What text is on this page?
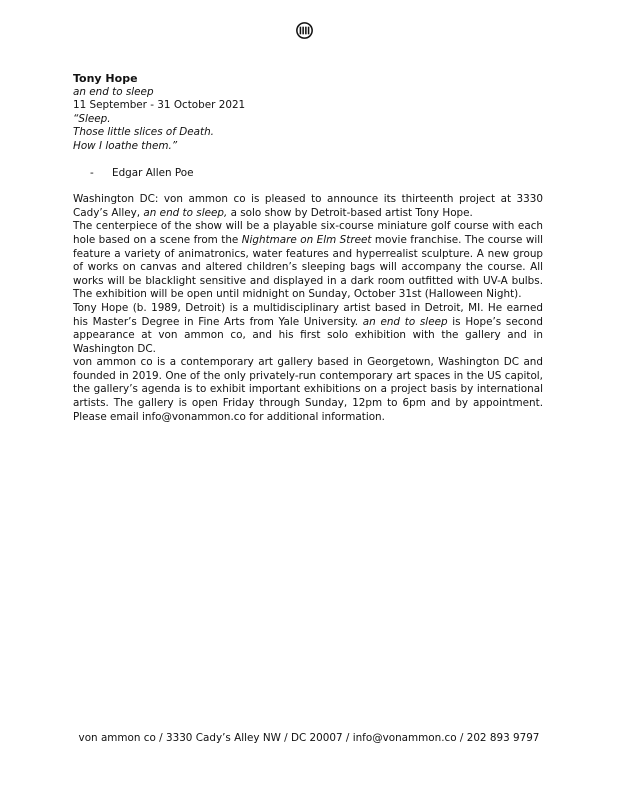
Tony Hope

an end to sleep

11 September - 31 October 2021

“Sleep.

Those little slices of Death.

How I loathe them.”

-	Edgar Allen Poe

Washington DC: von ammon co is pleased to announce its thirteenth project at 3330 Cady’s Alley, an end to sleep, a solo show by Detroit-based artist Tony Hope.

The centerpiece of the show will be a playable six-course miniature golf course with each hole based on a scene from the Nightmare on Elm Street movie franchise. The course will feature a variety of animatronics, water features and hyperrealist sculpture. A new group of works on canvas and altered children’s sleeping bags will accompany the course. All works will be blacklight sensitive and displayed in a dark room outfitted with UV-A bulbs. The exhibition will be open until midnight on Sunday, October 31st (Halloween Night).

Tony Hope (b. 1989, Detroit) is a multidisciplinary artist based in Detroit, MI. He earned his Master’s Degree in Fine Arts from Yale University. an end to sleep is Hope’s second appearance at von ammon co, and his first solo exhibition with the gallery and in Washington DC.

von ammon co is a contemporary art gallery based in Georgetown, Washington DC and founded in 2019. One of the only privately-run contemporary art spaces in the US capitol, the gallery’s agenda is to exhibit important exhibitions on a project basis by international artists. The gallery is open Friday through Sunday, 12pm to 6pm and by appointment. Please email info@vonammon.co for additional information.

von ammon co / 3330 Cady’s Alley NW / DC 20007 / info@vonammon.co / 202 893 9797
